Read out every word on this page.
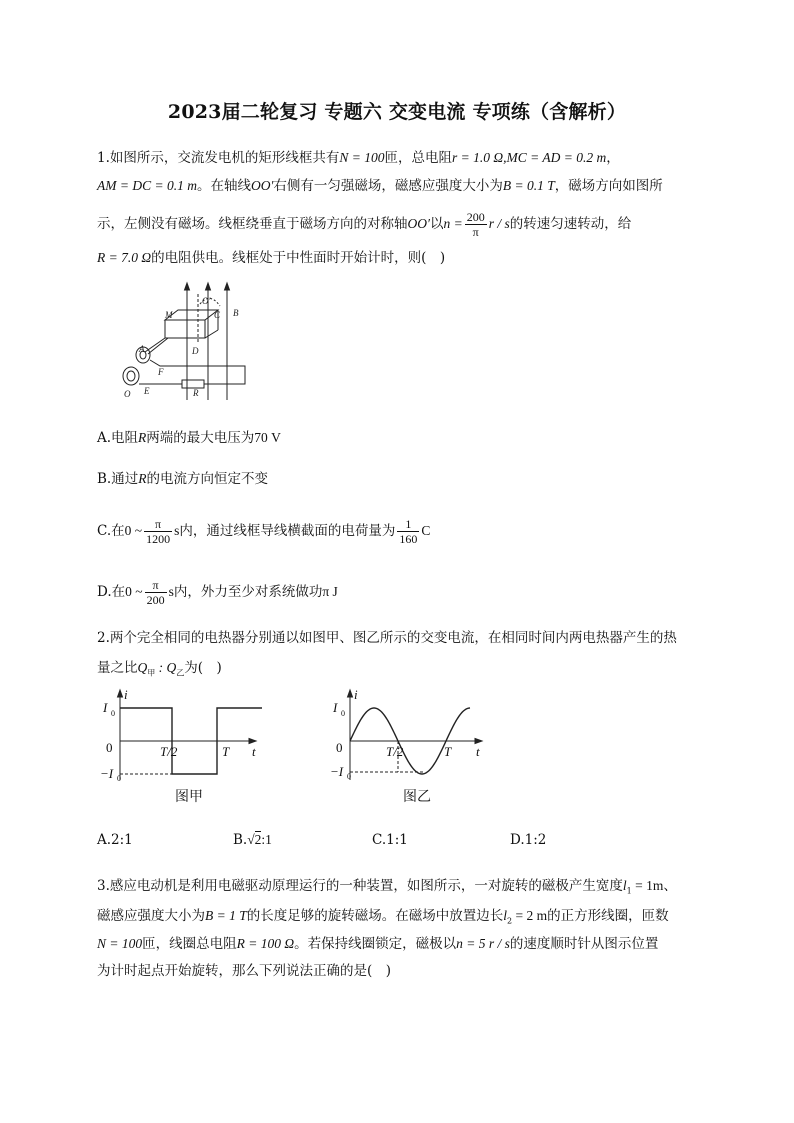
2023届二轮复习 专题六 交变电流 专项练（含解析）
1.如图所示，交流发电机的矩形线框共有N = 100匝，总电阻r = 1.0 Ω,MC = AD = 0.2 m，
AM = DC = 0.1 m。在轴线OO′右侧有一匀强磁场，磁感应强度大小为B = 0.1 T，磁场方向如图所
示，左侧没有磁场。线框绕垂直于磁场方向的对称轴OO′以$n = \frac{200}{\pi}$ r / s的转速匀速转动，给
R = 7.0 Ω的电阻供电。线框处于中性面时开始计时，则(　)
O′
M	C B
A	D
F
O E	R
A.电阻R两端的最大电压为70 V
B.通过R的电流方向恒定不变
C.在0 ~ $\frac{\pi}{1200}$ s内，通过线框导线横截面的电荷量为 $\frac{1}{160}$ C
D.在0 ~ $\frac{\pi}{200}$ s内，外力至少对系统做功π J
2.两个完全相同的电热器分别通以如图甲、图乙所示的交变电流，在相同时间内两电热器产生的热
量之比$Q_甲$ : $Q_乙$为(　)
i
I 0
0	T/2	T t
−I 0
图甲
i
I 0
0	T/2	T t
−I 0
图乙
A.2:1	B.√2:1	C.1:1	D.1:2
3.感应电动机是利用电磁驱动原理运行的一种装置，如图所示，一对旋转的磁极产生宽度$l_1 = 1m$、
磁感应强度大小为B = 1 T的长度足够的旋转磁场。在磁场中放置边长$l_2 = 2$ m的正方形线圈，匝数
N = 100匝，线圈总电阻R = 100 Ω。若保持线圈锁定，磁极以n = 5 r / s的速度顺时针从图示位置
为计时起点开始旋转，那么下列说法正确的是(　)
